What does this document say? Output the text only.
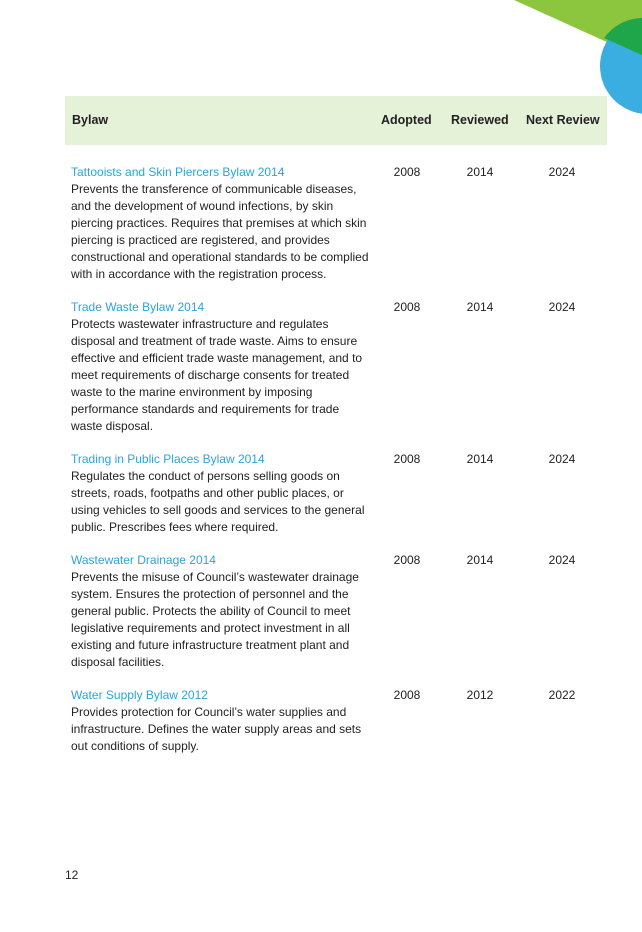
Bylaw	Adopted Reviewed Next Review
Tattooists and Skin Piercers Bylaw 2014
Prevents the transference of communicable diseases, and the development of wound infections, by skin piercing practices. Requires that premises at which skin piercing is practiced are registered, and provides constructional and operational standards to be complied with in accordance with the registration process.
2008	2014	2024
Trade Waste Bylaw 2014
Protects wastewater infrastructure and regulates disposal and treatment of trade waste. Aims to ensure effective and efficient trade waste management, and to meet requirements of discharge consents for treated waste to the marine environment by imposing performance standards and requirements for trade waste disposal.
2008	2014	2024
Trading in Public Places Bylaw 2014
Regulates the conduct of persons selling goods on streets, roads, footpaths and other public places, or using vehicles to sell goods and services to the general public. Prescribes fees where required.
2008	2014	2024
Wastewater Drainage 2014
Prevents the misuse of Council’s wastewater drainage system. Ensures the protection of personnel and the general public. Protects the ability of Council to meet legislative requirements and protect investment in all existing and future infrastructure treatment plant and disposal facilities.
2008	2014	2024
Water Supply Bylaw 2012
Provides protection for Council’s water supplies and infrastructure. Defines the water supply areas and sets out conditions of supply.
2008	2012	2022
12
